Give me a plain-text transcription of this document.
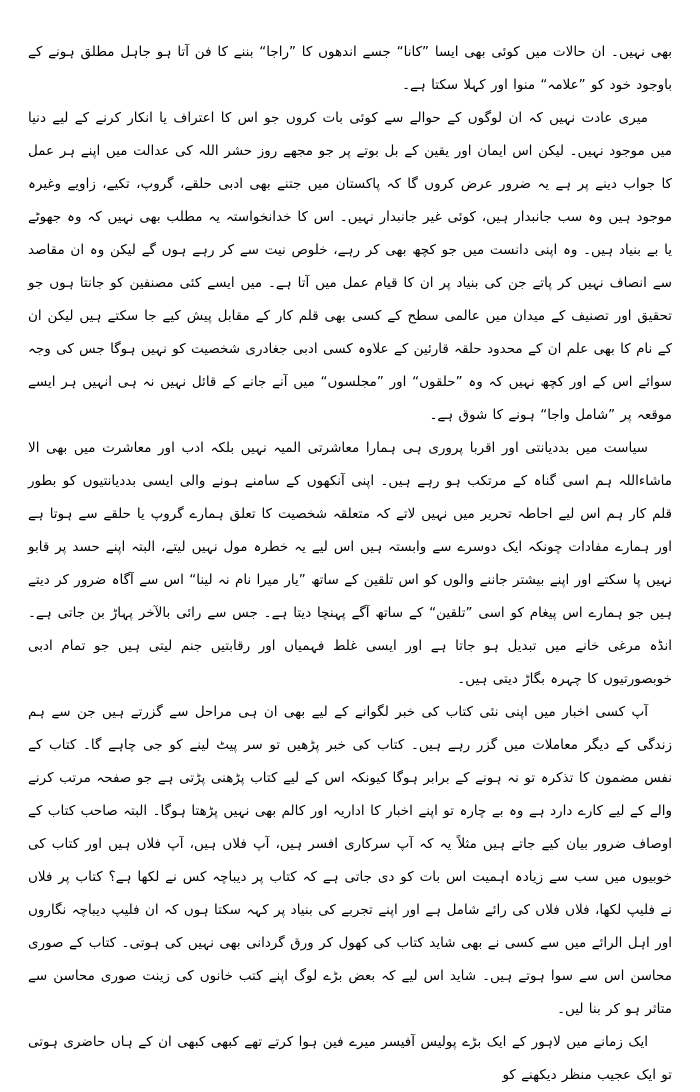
بھی نہیں۔ ان حالات میں کوئی بھی ایسا ”کانا“ جسے اندھوں کا ”راجا“ بننے کا فن آتا ہو جاہل مطلق ہونے کے باوجود خود کو ”علامہ“ منوا اور کہلا سکتا ہے۔

میری عادت نہیں کہ ان لوگوں کے حوالے سے کوئی بات کروں جو اس کا اعتراف یا انکار کرنے کے لیے دنیا میں موجود نہیں۔ لیکن اس ایمان اور یقین کے بل بوتے پر جو مجھے روز حشر اللہ کی عدالت میں اپنے ہر عمل کا جواب دینے پر ہے یہ ضرور عرض کروں گا کہ پاکستان میں جتنے بھی ادبی حلقے، گروپ، تکیے، زاویے وغیرہ موجود ہیں وہ سب جانبدار ہیں، کوئی غیر جانبدار نہیں۔ اس کا خدانخواستہ یہ مطلب بھی نہیں کہ وہ جھوٹے یا بے بنیاد ہیں۔ وہ اپنی دانست میں جو کچھ بھی کر رہے، خلوص نیت سے کر رہے ہوں گے لیکن وہ ان مقاصد سے انصاف نہیں کر پاتے جن کی بنیاد پر ان کا قیام عمل میں آتا ہے۔ میں ایسے کئی مصنفین کو جانتا ہوں جو تحقیق اور تصنیف کے میدان میں عالمی سطح کے کسی بھی قلم کار کے مقابل پیش کیے جا سکتے ہیں لیکن ان کے نام کا بھی علم ان کے محدود حلقہ قارئین کے علاوہ کسی ادبی جغادری شخصیت کو نہیں ہوگا جس کی وجہ سوائے اس کے اور کچھ نہیں کہ وہ ”حلقوں“ اور ”مجلسوں“ میں آنے جانے کے قائل نہیں نہ ہی انہیں ہر ایسے موقعہ پر ”شامل واجا“ ہونے کا شوق ہے۔

سیاست میں بددیانتی اور اقربا پروری ہی ہمارا معاشرتی المیہ نہیں بلکہ ادب اور معاشرت میں بھی الا ماشاءاللہ ہم اسی گناہ کے مرتکب ہو رہے ہیں۔ اپنی آنکھوں کے سامنے ہونے والی ایسی بددیانتیوں کو بطور قلم کار ہم اس لیے احاطہ تحریر میں نہیں لاتے کہ متعلقہ شخصیت کا تعلق ہمارے گروپ یا حلقے سے ہوتا ہے اور ہمارے مفادات چونکہ ایک دوسرے سے وابستہ ہیں اس لیے یہ خطرہ مول نہیں لیتے، البتہ اپنے حسد پر قابو نہیں پا سکتے اور اپنے بیشتر جاننے والوں کو اس تلقین کے ساتھ ”یار میرا نام نہ لینا“ اس سے آگاہ ضرور کر دیتے ہیں جو ہمارے اس پیغام کو اسی ”تلقین“ کے ساتھ آگے پہنچا دیتا ہے۔ جس سے رائی بالآخر پہاڑ بن جاتی ہے۔ انڈہ مرغی خانے میں تبدیل ہو جاتا ہے اور ایسی غلط فہمیاں اور رقابتیں جنم لیتی ہیں جو تمام ادبی خوبصورتیوں کا چہرہ بگاڑ دیتی ہیں۔

آپ کسی اخبار میں اپنی نئی کتاب کی خبر لگوانے کے لیے بھی ان ہی مراحل سے گزرتے ہیں جن سے ہم زندگی کے دیگر معاملات میں گزر رہے ہیں۔ کتاب کی خبر پڑھیں تو سر پیٹ لینے کو جی چاہے گا۔ کتاب کے نفس مضمون کا تذکرہ تو نہ ہونے کے برابر ہوگا کیونکہ اس کے لیے کتاب پڑھنی پڑتی ہے جو صفحہ مرتب کرنے والے کے لیے کارے دارد ہے وہ بے چارہ تو اپنے اخبار کا اداریہ اور کالم بھی نہیں پڑھتا ہوگا۔ البتہ صاحب کتاب کے اوصاف ضرور بیان کیے جاتے ہیں مثلاً یہ کہ آپ سرکاری افسر ہیں، آپ فلاں ہیں، آپ فلاں ہیں اور کتاب کی خوبیوں میں سب سے زیادہ اہمیت اس بات کو دی جاتی ہے کہ کتاب پر دیباچہ کس نے لکھا ہے؟ کتاب پر فلاں نے فلیپ لکھا، فلاں فلاں کی رائے شامل ہے اور اپنے تجربے کی بنیاد پر کہہ سکتا ہوں کہ ان فلیپ دیباچہ نگاروں اور اہل الرائے میں سے کسی نے بھی شاید کتاب کی کھول کر ورق گردانی بھی نہیں کی ہوتی۔ کتاب کے صوری محاسن اس سے سوا ہوتے ہیں۔ شاید اس لیے کہ بعض بڑے لوگ اپنے کتب خانوں کی زینت صوری محاسن سے متاثر ہو کر بنا لیں۔

ایک زمانے میں لاہور کے ایک بڑے پولیس آفیسر میرے فین ہوا کرتے تھے کبھی کبھی ان کے ہاں حاضری ہوتی تو ایک عجیب منظر دیکھنے کو
